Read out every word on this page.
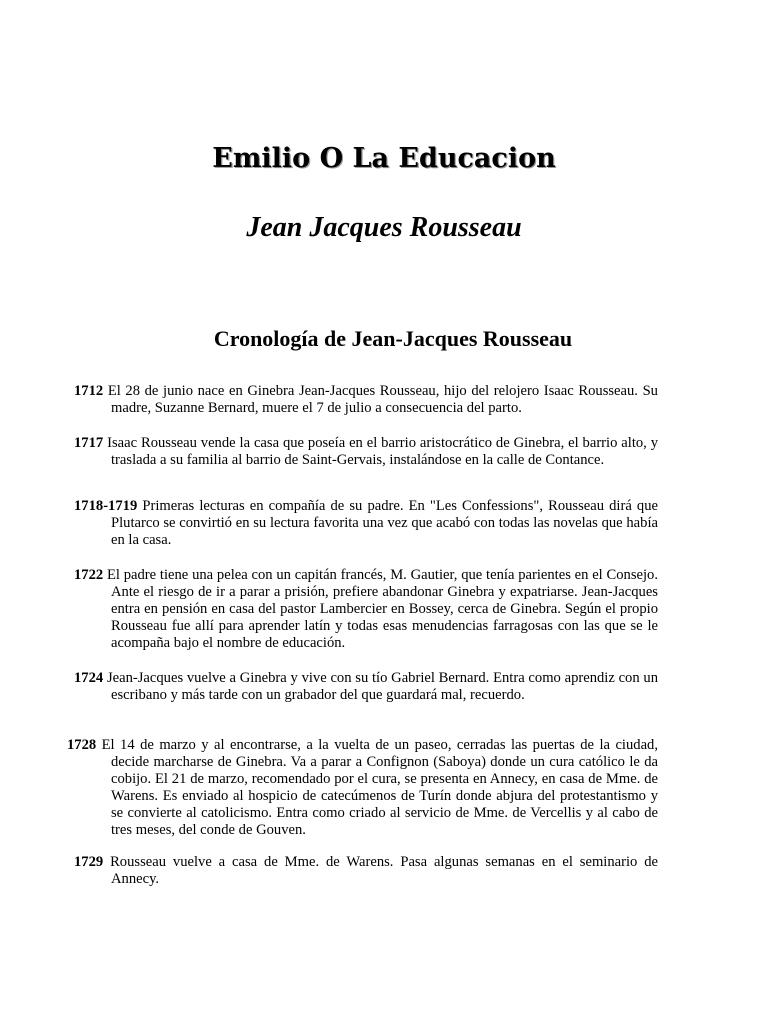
Emilio O La Educacion
Jean Jacques Rousseau
Cronología de Jean-Jacques Rousseau

1712 El 28 de junio nace en Ginebra Jean-Jacques Rousseau, hijo del relojero Isaac Rousseau. Su madre, Suzanne Bernard, muere el 7 de julio a consecuencia del parto.

1717 Isaac Rousseau vende la casa que poseía en el barrio aristocrático de Ginebra, el barrio alto, y traslada a su familia al barrio de Saint-Gervais, instalándose en la calle de Contance.

1718-1719 Primeras lecturas en compañía de su padre. En "Les Confessions", Rousseau dirá que Plutarco se convirtió en su lectura favorita una vez que acabó con todas las novelas que había en la casa.

1722 El padre tiene una pelea con un capitán francés, M. Gautier, que tenía parientes en el Consejo. Ante el riesgo de ir a parar a prisión, prefiere abandonar Ginebra y expatriarse. Jean-Jacques entra en pensión en casa del pastor Lambercier en Bossey, cerca de Ginebra. Según el propio Rousseau fue allí para aprender latín y todas esas menudencias farragosas con las que se le acompaña bajo el nombre de educación.

1724 Jean-Jacques vuelve a Ginebra y vive con su tío Gabriel Bernard. Entra como aprendiz con un escribano y más tarde con un grabador del que guardará mal, recuerdo.

1728 El 14 de marzo y al encontrarse, a la vuelta de un paseo, cerradas las puertas de la ciudad, decide marcharse de Ginebra. Va a parar a Confignon (Saboya) donde un cura católico le da cobijo. El 21 de marzo, recomendado por el cura, se presenta en Annecy, en casa de Mme. de Warens. Es enviado al hospicio de catecúmenos de Turín donde abjura del protestantismo y se convierte al catolicismo. Entra como criado al servicio de Mme. de Vercellis y al cabo de tres meses, del conde de Gouven.

1729 Rousseau vuelve a casa de Mme. de Warens. Pasa algunas semanas en el seminario de Annecy.
